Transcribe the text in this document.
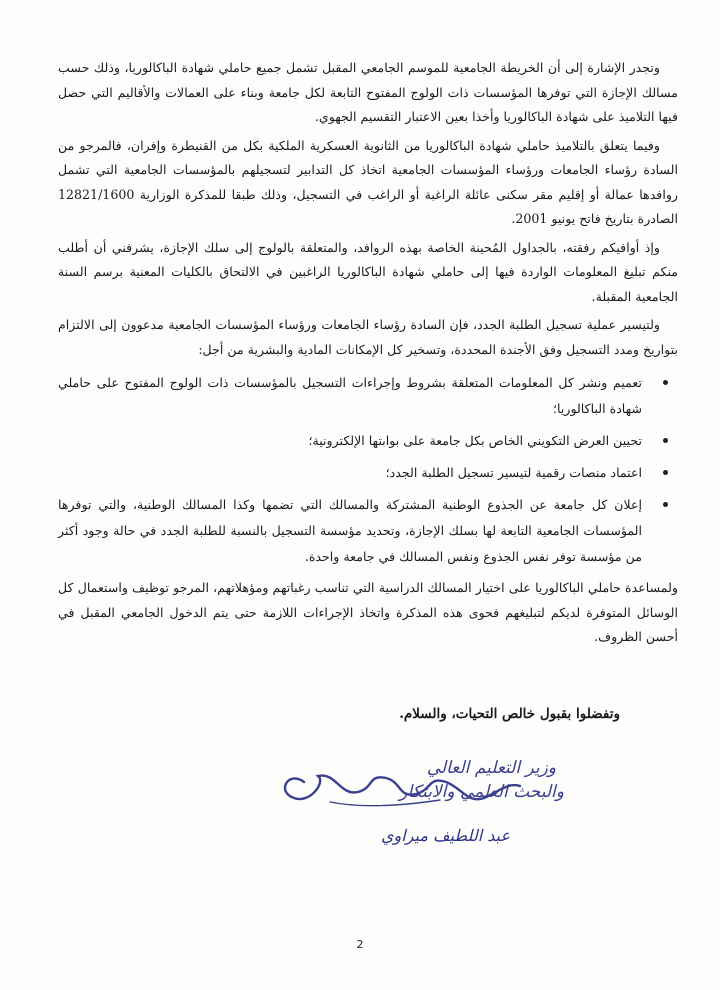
وتجدر الإشارة إلى أن الخريطة الجامعية للموسم الجامعي المقبل تشمل جميع حاملي شهادة الباكالوريا، وذلك حسب مسالك الإجازة التي توفرها المؤسسات ذات الولوج المفتوح التابعة لكل جامعة وبناء على العمالات والأقاليم التي حصل فيها التلاميذ على شهادة الباكالوريا وأخذا بعين الاعتبار التقسيم الجهوي.

وفيما يتعلق بالتلاميذ حاملي شهادة الباكالوريا من الثانوية العسكرية الملكية بكل من القنيطرة وإفران، فالمرجو من السادة رؤساء الجامعات ورؤساء المؤسسات الجامعية اتخاذ كل التدابير لتسجيلهم بالمؤسسات الجامعية التي تشمل روافدها عمالة أو إقليم مقر سكنى عائلة الراغبة أو الراغب في التسجيل، وذلك طبقا للمذكرة الوزارية 12821/1600 الصادرة بتاريخ فاتح يونيو 2001.

وإذ أوافيكم رفقته، بالجداول المُحينة الخاصة بهذه الروافد، والمتعلقة بالولوج إلى سلك الإجازة، يشرفني أن أطلب منكم تبليغ المعلومات الواردة فيها إلى حاملي شهادة الباكالوريا الراغبين في الالتحاق بالكليات المعنية برسم السنة الجامعية المقبلة.

ولتيسير عملية تسجيل الطلبة الجدد، فإن السادة رؤساء الجامعات ورؤساء المؤسسات الجامعية مدعوون إلى الالتزام بتواريخ ومدد التسجيل وفق الأجندة المحددة، وتسخير كل الإمكانات المادية والبشرية من أجل:

تعميم ونشر كل المعلومات المتعلقة بشروط وإجراءات التسجيل بالمؤسسات ذات الولوج المفتوح على حاملي شهادة الباكالوريا؛
تحيين العرض التكويني الخاص بكل جامعة على بوابتها الإلكترونية؛
اعتماد منصات رقمية لتيسير تسجيل الطلبة الجدد؛
إعلان كل جامعة عن الجذوع الوطنية المشتركة والمسالك التي تضمها وكذا المسالك الوطنية، والتي توفرها المؤسسات الجامعية التابعة لها بسلك الإجازة، وتحديد مؤسسة التسجيل بالنسبة للطلبة الجدد في حالة وجود أكثر من مؤسسة توفر نفس الجذوع ونفس المسالك في جامعة واحدة.

ولمساعدة حاملي الباكالوريا على اختيار المسالك الدراسية التي تناسب رغباتهم ومؤهلاتهم، المرجو توظيف واستعمال كل الوسائل المتوفرة لديكم لتبليغهم فحوى هذه المذكرة واتخاذ الإجراءات اللازمة حتى يتم الدخول الجامعي المقبل في أحسن الظروف.

وتفضلوا بقبول خالص التحيات، والسلام.
وزير التعليم العالي
والبحث العلمي والابتكار
عبد اللطيف ميراوي
2
